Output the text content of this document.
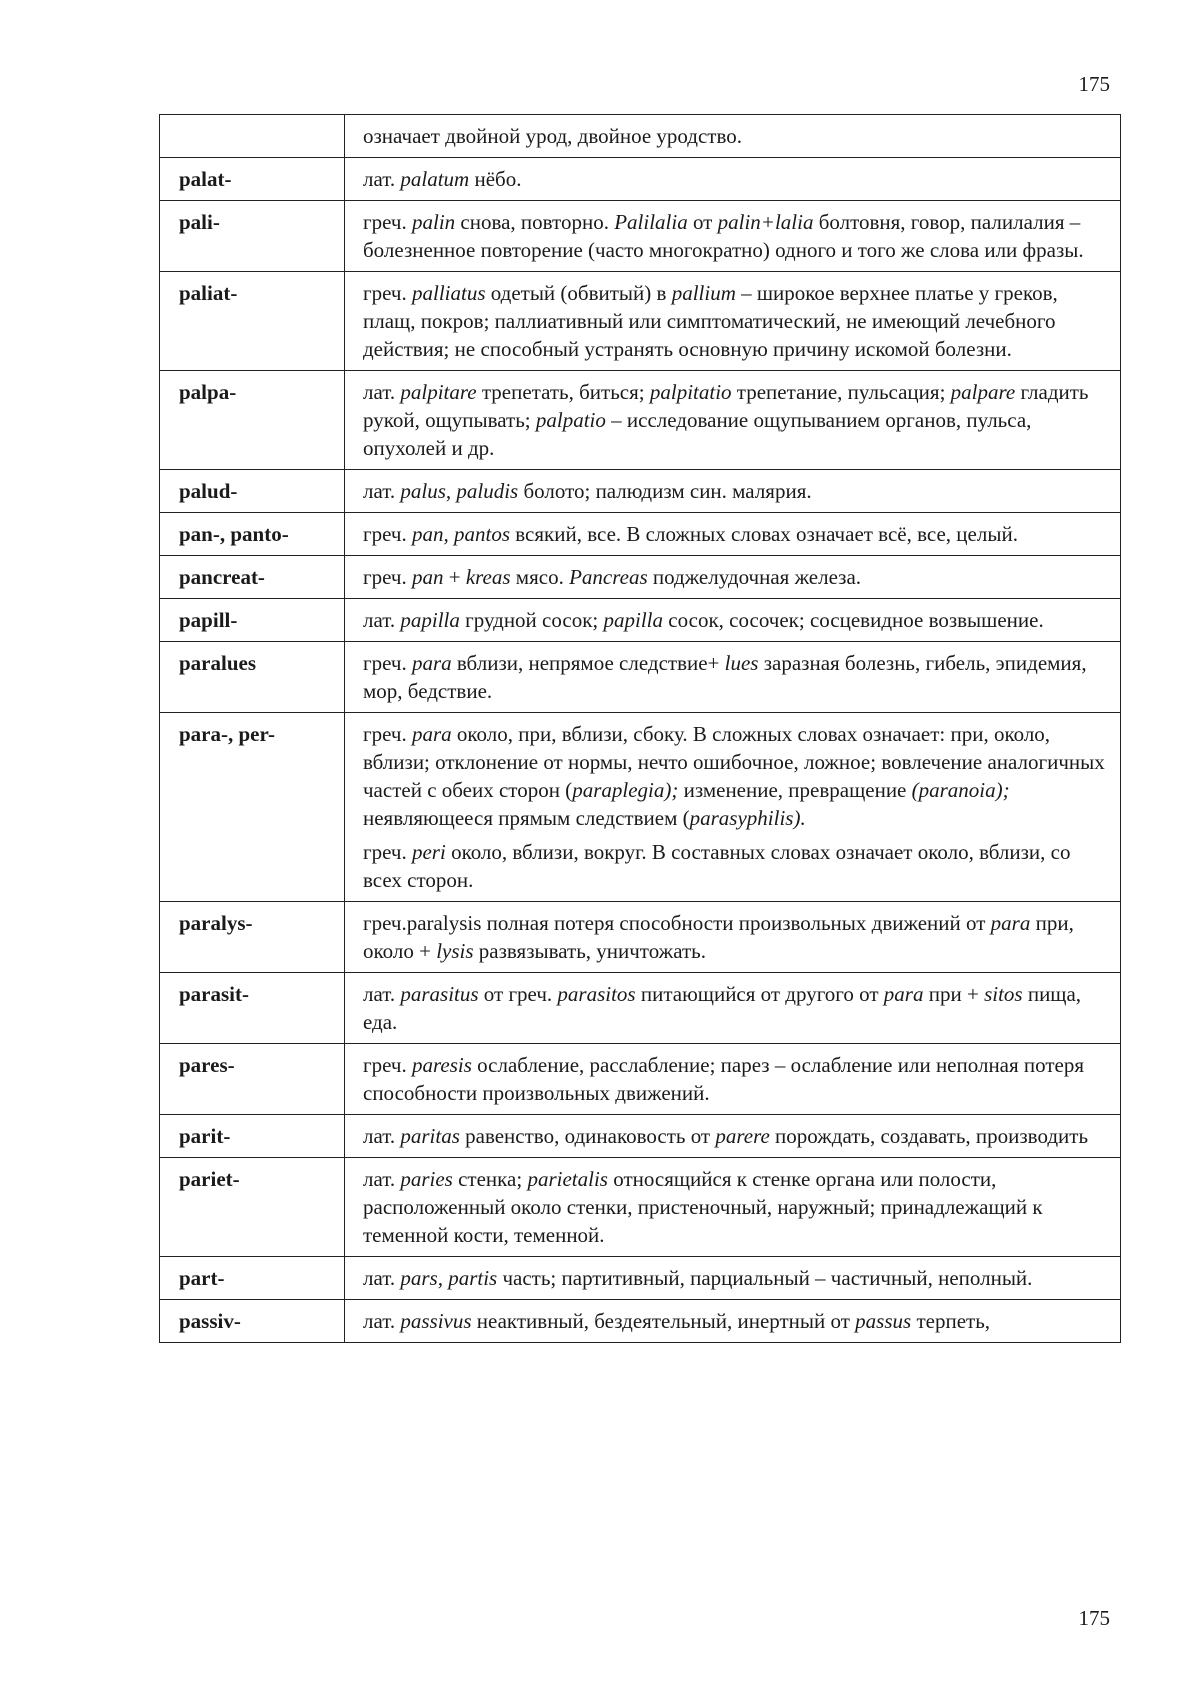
175

	означает двойной урод, двойное уродство.

palat-	лат. palatum нёбо.

pali-	греч. palin снова, повторно. Palilalia от palin+lalia болтовня, говор, палилалия – болезненное повторение (часто многократно) одного и того же слова или фразы.

paliat-	греч. palliatus одетый (обвитый) в pallium – широкое верхнее платье у греков, плащ, покров; паллиативный или симптоматический, не имеющий лечебного действия; не способный устранять основную причину искомой болезни.

palpa-	лат. palpitare трепетать, биться; palpitatio трепетание, пульсация; palpare гладить рукой, ощупывать; palpatio – исследование ощупыванием органов, пульса, опухолей и др.

palud-	лат. palus, paludis болото; палюдизм син. малярия.

pan-, panto-	греч. pan, pantos всякий, все. В сложных словах означает всё, все, целый.

pancreat-	греч. pan + kreas мясо. Pancreas поджелудочная железа.

papill-	лат. papilla грудной сосок; papilla сосок, сосочек; сосцевидное возвышение.

paralues	греч. para вблизи, непрямое следствие+ lues заразная болезнь, гибель, эпидемия, мор, бедствие.

para-, per-	греч. para около, при, вблизи, сбоку. В сложных словах означает: при, около, вблизи; отклонение от нормы, нечто ошибочное, ложное; вовлечение аналогичных частей с обеих сторон (paraplegia); изменение, превращение (paranoia); неявляющееся прямым следствием (parasyphilis).

греч. peri около, вблизи, вокруг. В составных словах означает около, вблизи, со всех сторон.

paralys-	греч.paralysis полная потеря способности произвольных движений от para при, около + lysis развязывать, уничтожать.

parasit-	лат. parasitus от греч. parasitos питающийся от другого от para при + sitos пища, еда.

pares-	греч. paresis ослабление, расслабление; парез – ослабление или неполная потеря способности произвольных движений.

parit-	лат. paritas равенство, одинаковость от parere порождать, создавать, производить

pariet-	лат. paries стенка; parietalis относящийся к стенке органа или полости, расположенный около стенки, пристеночный, наружный; принадлежащий к теменной кости, теменной.

part-	лат. pars, partis часть; партитивный, парциальный – частичный, неполный.

passiv-	лат. passivus неактивный, бездеятельный, инертный от passus терпеть,

175
